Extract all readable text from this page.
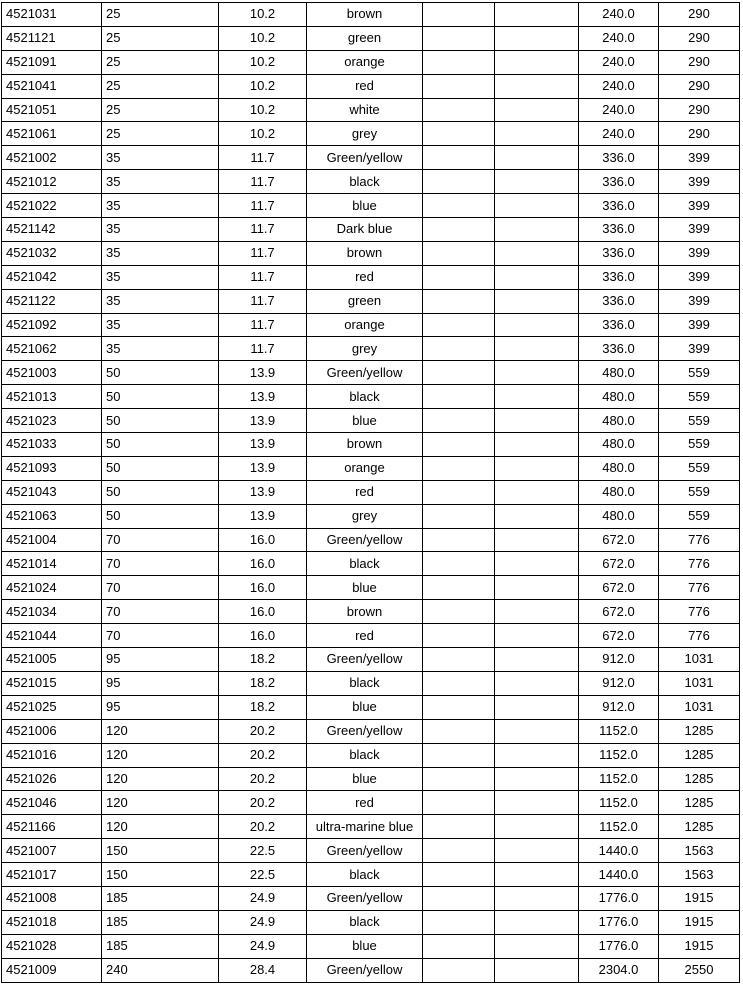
4521031	25	10.2	brown			240.0	290
4521121	25	10.2	green			240.0	290
4521091	25	10.2	orange			240.0	290
4521041	25	10.2	red			240.0	290
4521051	25	10.2	white			240.0	290
4521061	25	10.2	grey			240.0	290
4521002	35	11.7	Green/yellow			336.0	399
4521012	35	11.7	black			336.0	399
4521022	35	11.7	blue			336.0	399
4521142	35	11.7	Dark blue			336.0	399
4521032	35	11.7	brown			336.0	399
4521042	35	11.7	red			336.0	399
4521122	35	11.7	green			336.0	399
4521092	35	11.7	orange			336.0	399
4521062	35	11.7	grey			336.0	399
4521003	50	13.9	Green/yellow			480.0	559
4521013	50	13.9	black			480.0	559
4521023	50	13.9	blue			480.0	559
4521033	50	13.9	brown			480.0	559
4521093	50	13.9	orange			480.0	559
4521043	50	13.9	red			480.0	559
4521063	50	13.9	grey			480.0	559
4521004	70	16.0	Green/yellow			672.0	776
4521014	70	16.0	black			672.0	776
4521024	70	16.0	blue			672.0	776
4521034	70	16.0	brown			672.0	776
4521044	70	16.0	red			672.0	776
4521005	95	18.2	Green/yellow			912.0	1031
4521015	95	18.2	black			912.0	1031
4521025	95	18.2	blue			912.0	1031
4521006	120	20.2	Green/yellow			1152.0	1285
4521016	120	20.2	black			1152.0	1285
4521026	120	20.2	blue			1152.0	1285
4521046	120	20.2	red			1152.0	1285
4521166	120	20.2	ultra-marine blue			1152.0	1285
4521007	150	22.5	Green/yellow			1440.0	1563
4521017	150	22.5	black			1440.0	1563
4521008	185	24.9	Green/yellow			1776.0	1915
4521018	185	24.9	black			1776.0	1915
4521028	185	24.9	blue			1776.0	1915
4521009	240	28.4	Green/yellow			2304.0	2550
